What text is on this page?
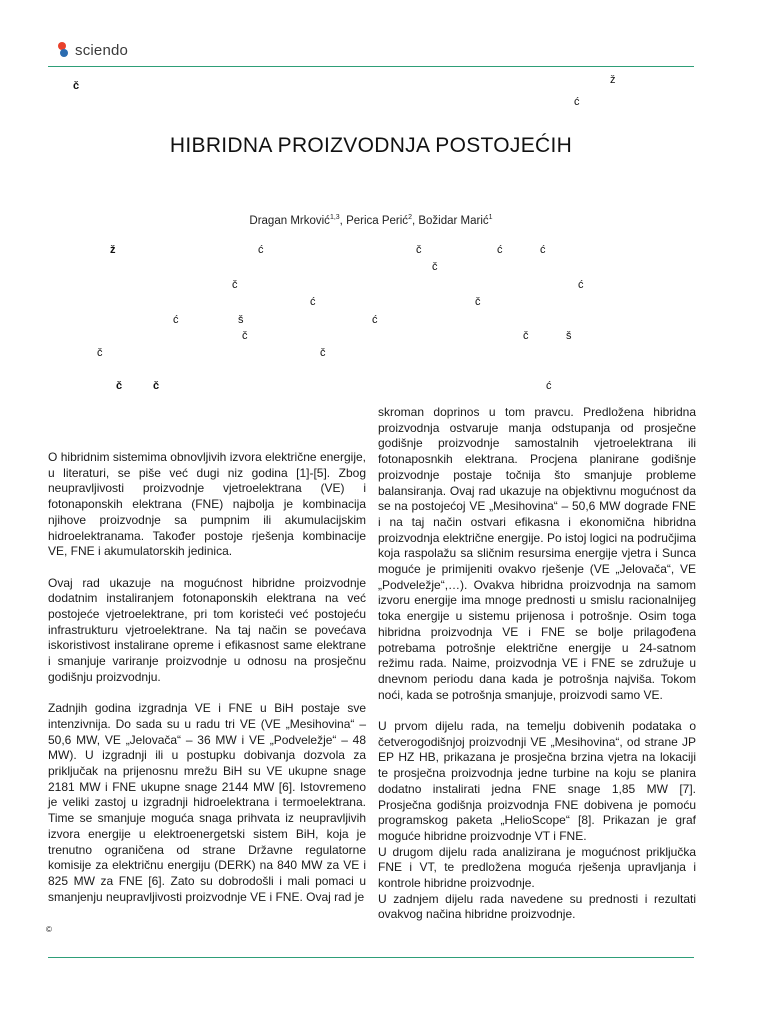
sciendo
č	ž
ć
ž	ć	č	ć	ć
č
č	ć
ć	č
ć	š	ć
č	č	š
č	č
č	č	ć
HIBRIDNA PROIZVODNJA POSTOJEĆIH
Dragan Mrković$^{1,3}$, Perica Perić$^2$, Božidar Marić$^1$

O hibridnim sistemima obnovljivih izvora električne energije, u literaturi, se piše već dugi niz godina [1]-[5]. Zbog neupravljivosti proizvodnje vjetroelektrana (VE) i fotonaponskih elektrana (FNE) najbolja je kombinacija njihove proizvodnje sa pumpnim ili akumulacijskim hidroelektranama. Također postoje rješenja kombinacije VE, FNE i akumulatorskih jedinica.

Ovaj rad ukazuje na mogućnost hibridne proizvodnje dodatnim instaliranjem fotonaponskih elektrana na već postojeće vjetroelektrane, pri tom koristeći već postojeću infrastrukturu vjetroelektrane. Na taj način se povećava iskoristivost instalirane opreme i efikasnost same elektrane i smanjuje variranje proizvodnje u odnosu na prosječnu godišnju proizvodnju.

Zadnjih godina izgradnja VE i FNE u BiH postaje sve intenzivnija. Do sada su u radu tri VE (VE „Mesihovina“ – 50,6 MW, VE „Jelovača“ – 36 MW i VE „Podveležje“ – 48 MW). U izgradnji ili u postupku dobivanja dozvola za priključak na prijenosnu mrežu BiH su VE ukupne snage 2181 MW i FNE ukupne snage 2144 MW [6]. Istovremeno je veliki zastoj u izgradnji hidroelektrana i termoelektrana. Time se smanjuje moguća snaga prihvata iz neupravljivih izvora energije u elektroenergetski sistem BiH, koja je trenutno ograničena od strane Državne regulatorne komisije za električnu energiju (DERK) na 840 MW za VE i 825 MW za FNE [6]. Zato su dobrodošli i mali pomaci u smanjenju neupravljivosti proizvodnje VE i FNE. Ovaj rad je

skroman doprinos u tom pravcu. Predložena hibridna proizvodnja ostvaruje manja odstupanja od prosječne godišnje proizvodnje samostalnih vjetroelektrana ili fotonaposnkih elektrana. Procjena planirane godišnje proizvodnje postaje točnija što smanjuje probleme balansiranja. Ovaj rad ukazuje na objektivnu mogućnost da se na postojećoj VE „Mesihovina“ – 50,6 MW dograde FNE i na taj način ostvari efikasna i ekonomična hibridna proizvodnja električne energije. Po istoj logici na područjima koja raspolažu sa sličnim resursima energije vjetra i Sunca moguće je primijeniti ovakvo rješenje (VE „Jelovača“, VE „Podveležje“,…). Ovakva hibridna proizvodnja na samom izvoru energije ima mnoge prednosti u smislu racionalnijeg toka energije u sistemu prijenosa i potrošnje. Osim toga hibridna proizvodnja VE i FNE se bolje prilagođena potrebama potrošnje električne energije u 24-satnom režimu rada. Naime, proizvodnja VE i FNE se združuje u dnevnom periodu dana kada je potrošnja najviša. Tokom noći, kada se potrošnja smanjuje, proizvodi samo VE.

U prvom dijelu rada, na temelju dobivenih podataka o četverogodišnjoj proizvodnji VE „Mesihovina“, od strane JP EP HZ HB, prikazana je prosječna brzina vjetra na lokaciji te prosječna proizvodnja jedne turbine na koju se planira dodatno instalirati jedna FNE snage 1,85 MW [7]. Prosječna godišnja proizvodnja FNE dobivena je pomoću programskog paketa „HelioScope“ [8]. Prikazan je graf moguće hibridne proizvodnje VT i FNE.

U drugom dijelu rada analizirana je mogućnost priključka FNE i VT, te predložena moguća rješenja upravljanja i kontrole hibridne proizvodnje.

U zadnjem dijelu rada navedene su prednosti i rezultati ovakvog načina hibridne proizvodnje.

©
